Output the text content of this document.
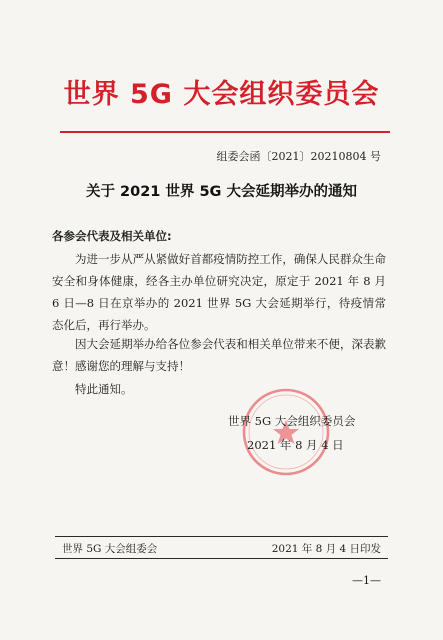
世界 5G 大会组织委员会
组委会函〔2021〕20210804 号
关于 2021 世界 5G 大会延期举办的通知
各参会代表及相关单位:
为进一步从严从紧做好首都疫情防控工作，确保人民群众生命安全和身体健康，经各主办单位研究决定，原定于 2021 年 8 月 6 日—8 日在京举办的 2021 世界 5G 大会延期举行，待疫情常态化后，再行举办。
因大会延期举办给各位参会代表和相关单位带来不便，深表歉意！感谢您的理解与支持！
特此通知。
世界 5G 大会组织委员会
2021 年 8 月 4 日
世界 5G 大会组委会	2021 年 8 月 4 日印发
—1—
